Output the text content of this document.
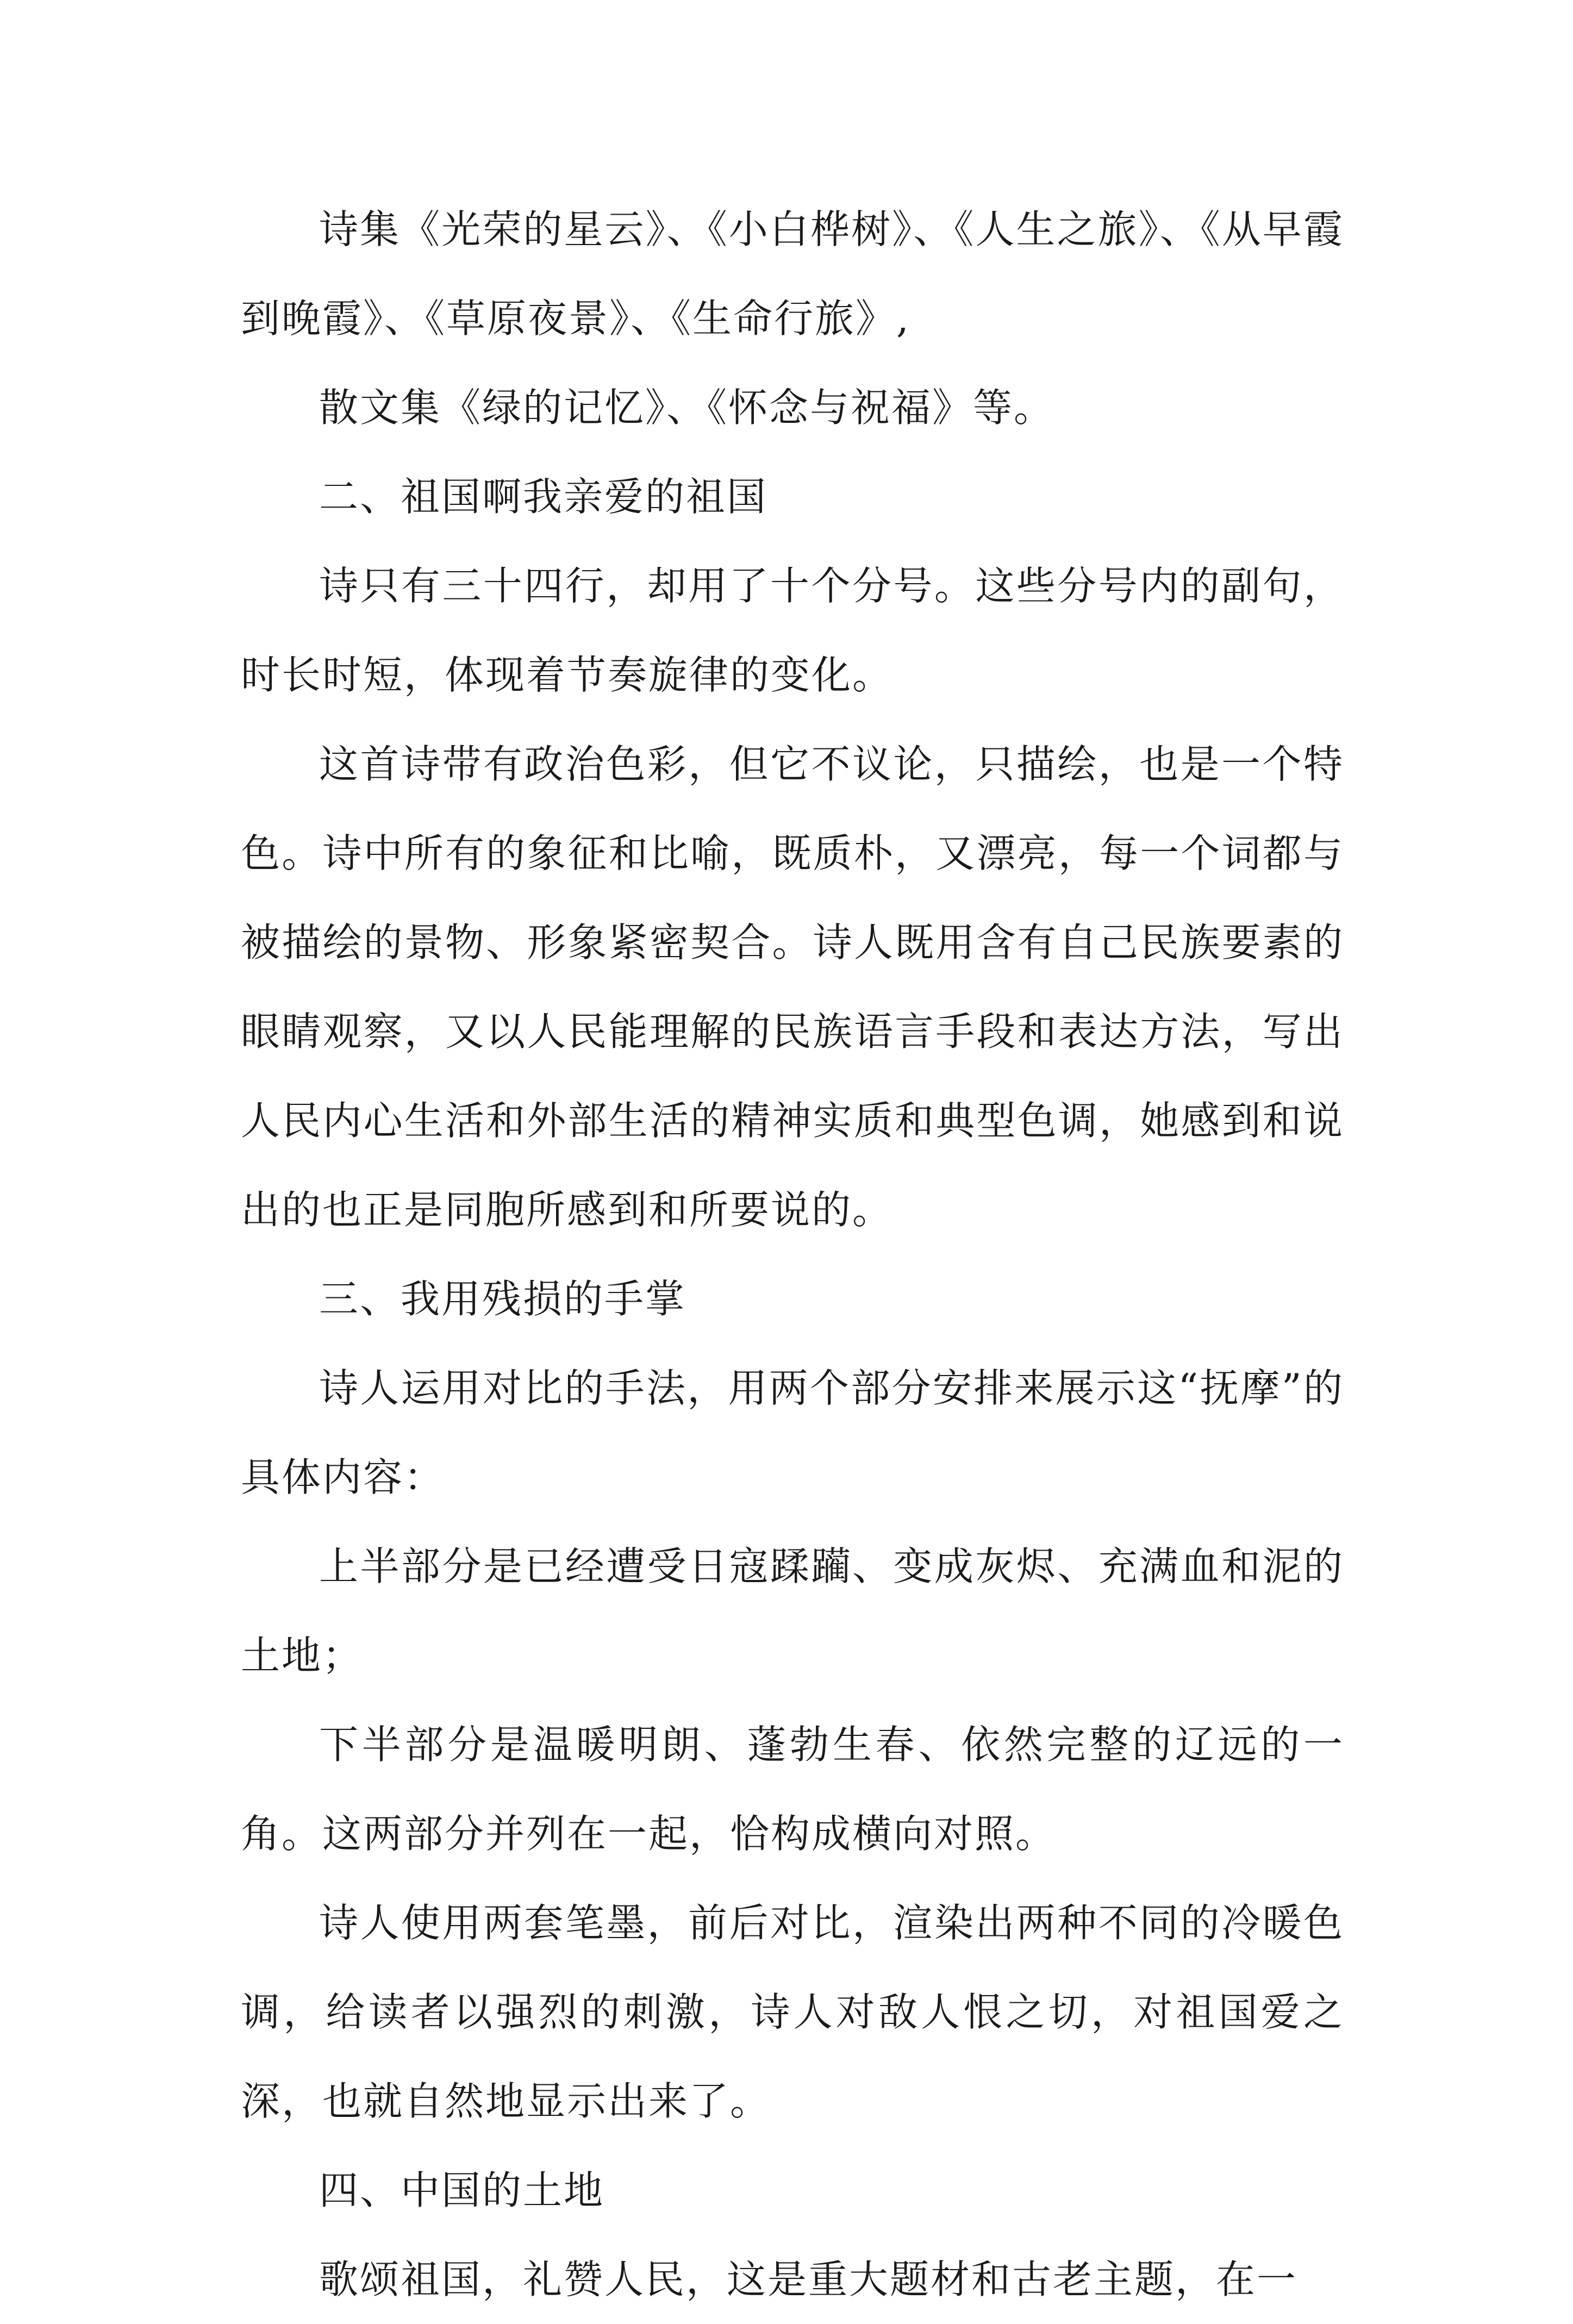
诗集《光荣的星云》、《小白桦树》、《人生之旅》、《从早霞到晚霞》、《草原夜景》、《生命行旅》,

散文集《绿的记忆》、《怀念与祝福》等。

二、祖国啊我亲爱的祖国

诗只有三十四行，却用了十个分号。这些分号内的副句，时长时短，体现着节奏旋律的变化。

这首诗带有政治色彩，但它不议论，只描绘，也是一个特色。诗中所有的象征和比喻，既质朴，又漂亮，每一个词都与被描绘的景物、形象紧密契合。诗人既用含有自己民族要素的眼睛观察，又以人民能理解的民族语言手段和表达方法，写出人民内心生活和外部生活的精神实质和典型色调，她感到和说出的也正是同胞所感到和所要说的。

三、我用残损的手掌

诗人运用对比的手法，用两个部分安排来展示这“抚摩”的具体内容：

上半部分是已经遭受日寇蹂躏、变成灰烬、充满血和泥的土地；

下半部分是温暖明朗、蓬勃生春、依然完整的辽远的一角。这两部分并列在一起，恰构成横向对照。

诗人使用两套笔墨，前后对比，渲染出两种不同的冷暖色调，给读者以强烈的刺激，诗人对敌人恨之切，对祖国爱之深，也就自然地显示出来了。

四、中国的土地

歌颂祖国，礼赞人民，这是重大题材和古老主题，在一
